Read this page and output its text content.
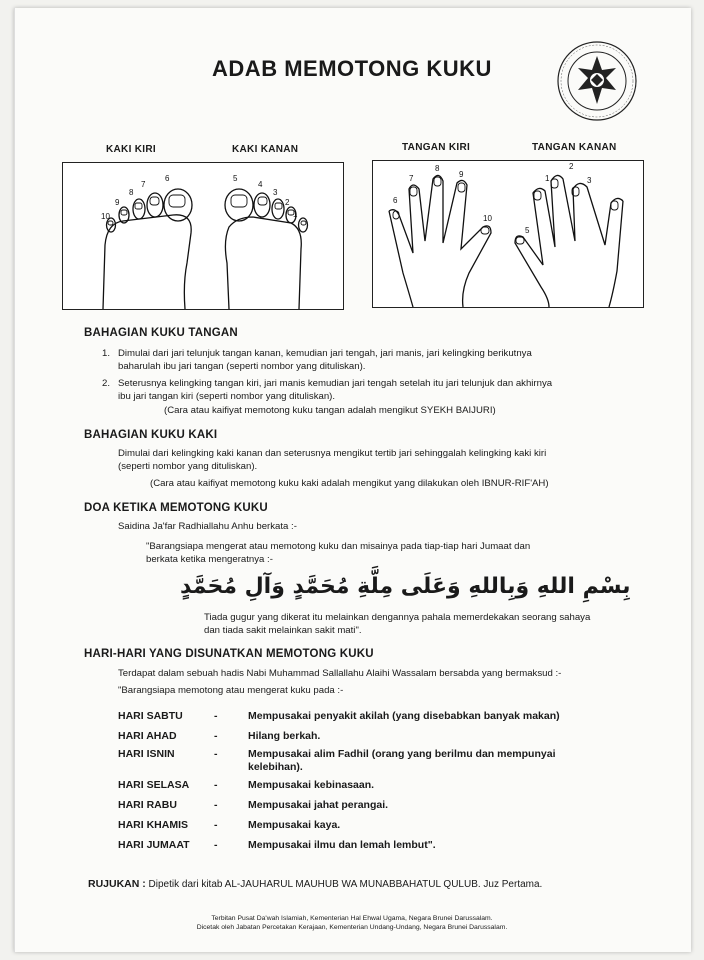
ADAB MEMOTONG KUKU
KAKI KIRI	KAKI KANAN	TANGAN KIRI	TANGAN KANAN
10
9
8
7
6	5
4
3
2
1
6
7
8
9
10
5
1
2
3
BAHAGIAN KUKU TANGAN
1. Dimulai dari jari telunjuk tangan kanan, kemudian jari tengah, jari manis, jari kelingking berikutnya
baharulah ibu jari tangan (seperti nombor yang dituliskan).
2. Seterusnya kelingking tangan kiri, jari manis kemudian jari tengah setelah itu jari telunjuk dan akhirnya
ibu jari tangan kiri (seperti nombor yang dituliskan).
(Cara atau kaifiyat memotong kuku tangan adalah mengikut SYEKH BAIJURI)
BAHAGIAN KUKU KAKI
Dimulai dari kelingking kaki kanan dan seterusnya mengikut tertib jari sehinggalah kelingking kaki kiri
(seperti nombor yang dituliskan).
(Cara atau kaifiyat memotong kuku kaki adalah mengikut yang dilakukan oleh IBNUR-RIF'AH)
DOA KETIKA MEMOTONG KUKU
Saidina Ja'far Radhiallahu Anhu berkata :-
"Barangsiapa mengerat atau memotong kuku dan misainya pada tiap-tiap hari Jumaat dan
berkata ketika mengeratnya :-
بِسْمِ اللهِ وَبِاللهِ وَعَلَى مِلَّةِ مُحَمَّدٍ وَآلِ مُحَمَّدٍ
Tiada gugur yang dikerat itu melainkan dengannya pahala memerdekakan seorang sahaya
dan tiada sakit melainkan sakit mati".
HARI-HARI YANG DISUNATKAN MEMOTONG KUKU
Terdapat dalam sebuah hadis Nabi Muhammad Sallallahu Alaihi Wassalam bersabda yang bermaksud :-
"Barangsiapa memotong atau mengerat kuku pada :-
HARI SABTU	-	Mempusakai penyakit akilah (yang disebabkan banyak makan)
HARI AHAD	-	Hilang berkah.
HARI ISNIN	-	Mempusakai alim Fadhil (orang yang berilmu dan mempunyai kelebihan).
HARI SELASA -	Mempusakai kebinasaan.
HARI RABU	-	Mempusakai jahat perangai.
HARI KHAMIS -	Mempusakai kaya.
HARI JUMAAT -	Mempusakai ilmu dan lemah lembut".
RUJUKAN : Dipetik dari kitab AL-JAUHARUL MAUHUB WA MUNABBAHATUL QULUB. Juz Pertama.
Terbitan Pusat Da'wah Islamiah, Kementerian Hal Ehwal Ugama, Negara Brunei Darussalam.
Dicetak oleh Jabatan Percetakan Kerajaan, Kementerian Undang-Undang, Negara Brunei Darussalam.
